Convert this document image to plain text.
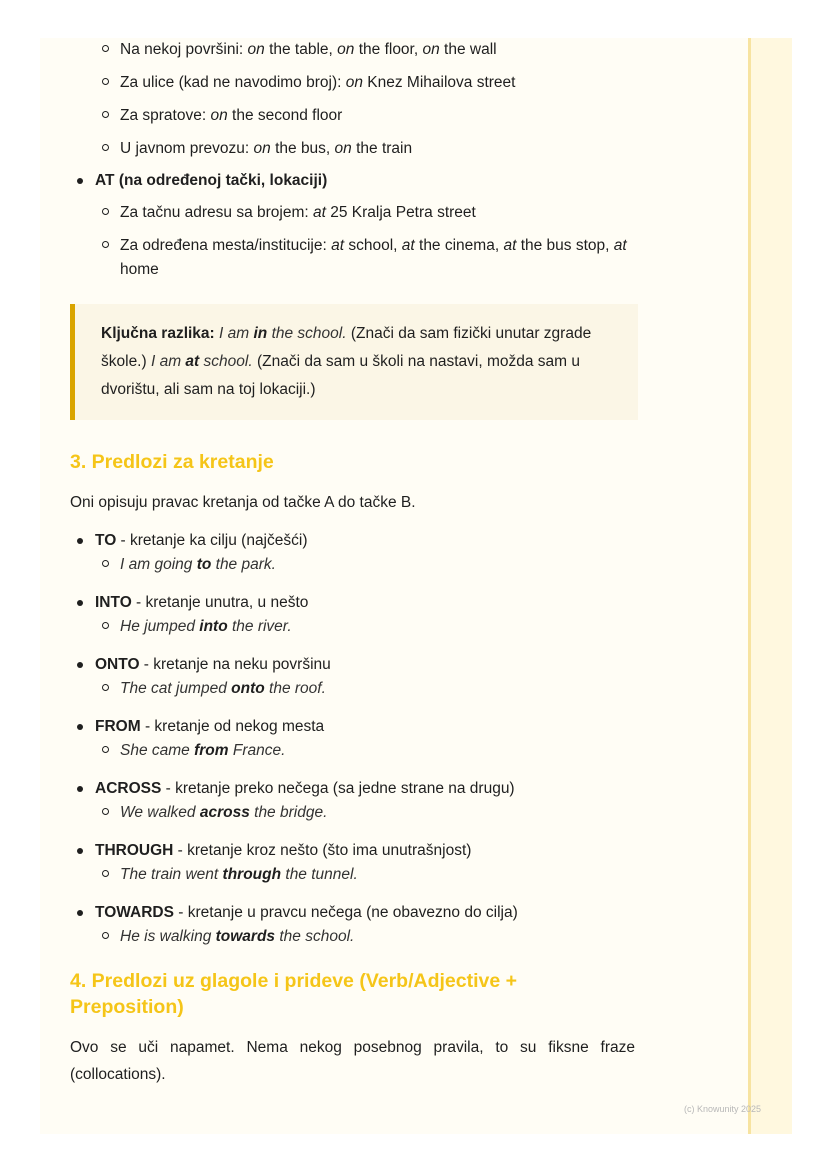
Na nekoj površini: on the table, on the floor, on the wall
Za ulice (kad ne navodimo broj): on Knez Mihailova street
Za spratove: on the second floor
U javnom prevozu: on the bus, on the train
AT (na određenoj tački, lokaciji)
Za tačnu adresu sa brojem: at 25 Kralja Petra street
Za određena mesta/institucije: at school, at the cinema, at the bus stop, at home
Ključna razlika: I am in the school. (Znači da sam fizički unutar zgrade škole.) I am at school. (Znači da sam u školi na nastavi, možda sam u dvorištu, ali sam na toj lokaciji.)
3. Predlozi za kretanje

Oni opisuju pravac kretanja od tačke A do tačke B.

TO - kretanje ka cilju (najčešći)
I am going to the park.
INTO - kretanje unutra, u nešto
He jumped into the river.
ONTO - kretanje na neku površinu
The cat jumped onto the roof.
FROM - kretanje od nekog mesta
She came from France.
ACROSS - kretanje preko nečega (sa jedne strane na drugu)
We walked across the bridge.
THROUGH - kretanje kroz nešto (što ima unutrašnjost)
The train went through the tunnel.
TOWARDS - kretanje u pravcu nečega (ne obavezno do cilja)
He is walking towards the school.
4. Predlozi uz glagole i prideve (Verb/Adjective + Preposition)

Ovo se uči napamet. Nema nekog posebnog pravila, to su fiksne fraze (collocations).

(c) Knowunity 2025
